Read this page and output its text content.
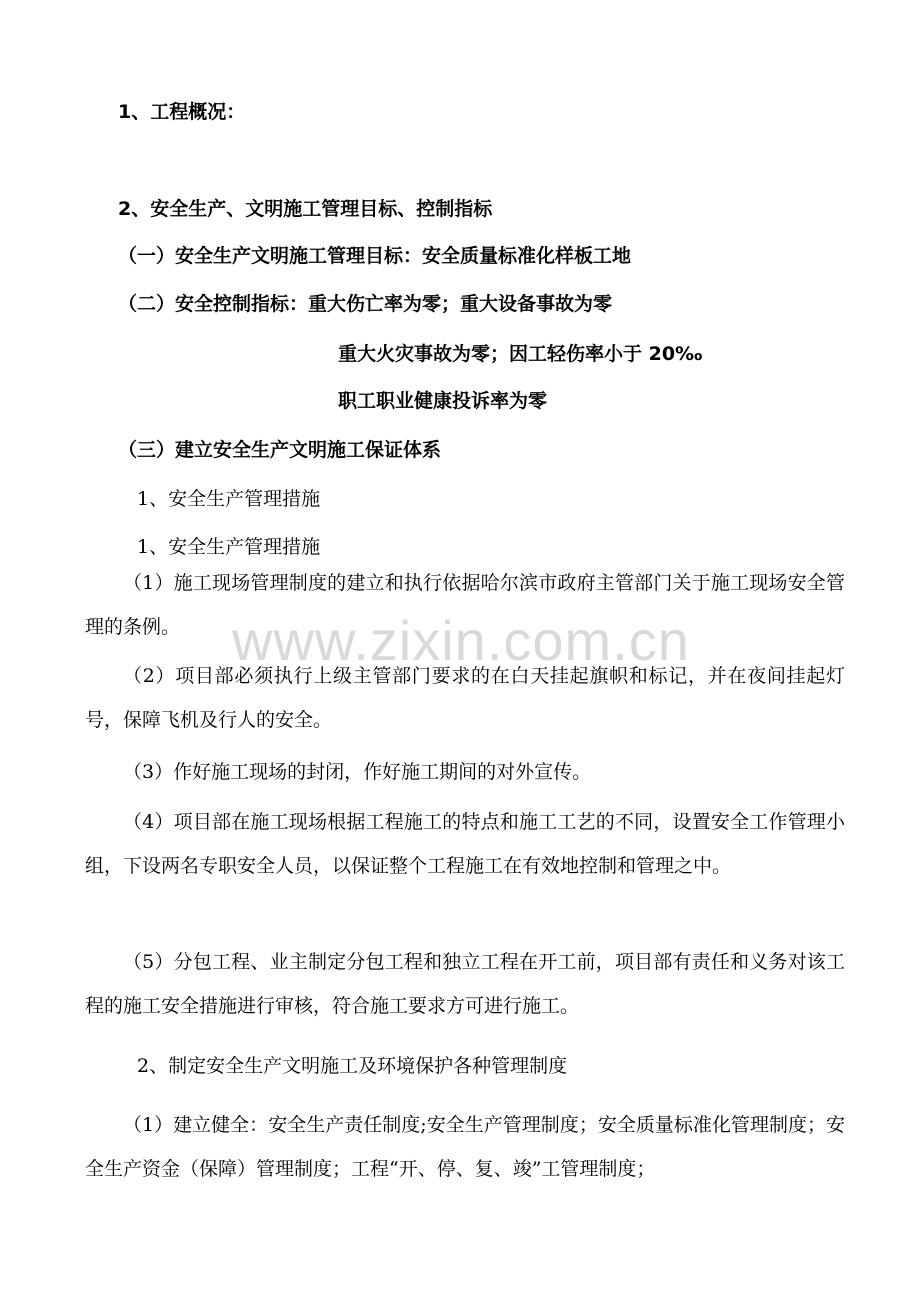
www.zixin.com.cn

1、工程概况：

2、安全生产、文明施工管理目标、控制指标

（一）安全生产文明施工管理目标：安全质量标准化样板工地

（二）安全控制指标：重大伤亡率为零；重大设备事故为零

重大火灾事故为零；因工轻伤率小于 20‰

职工职业健康投诉率为零

（三）建立安全生产文明施工保证体系

1、安全生产管理措施

1、安全生产管理措施

（1）施工现场管理制度的建立和执行依据哈尔滨市政府主管部门关于施工现场安全管理的条例。

（2）项目部必须执行上级主管部门要求的在白天挂起旗帜和标记，并在夜间挂起灯号，保障飞机及行人的安全。

（3）作好施工现场的封闭，作好施工期间的对外宣传。

（4）项目部在施工现场根据工程施工的特点和施工工艺的不同，设置安全工作管理小组，下设两名专职安全人员，以保证整个工程施工在有效地控制和管理之中。

（5）分包工程、业主制定分包工程和独立工程在开工前，项目部有责任和义务对该工程的施工安全措施进行审核，符合施工要求方可进行施工。

2、制定安全生产文明施工及环境保护各种管理制度

（1）建立健全：安全生产责任制度;安全生产管理制度；安全质量标准化管理制度；安全生产资金（保障）管理制度；工程“开、停、复、竣”工管理制度；
